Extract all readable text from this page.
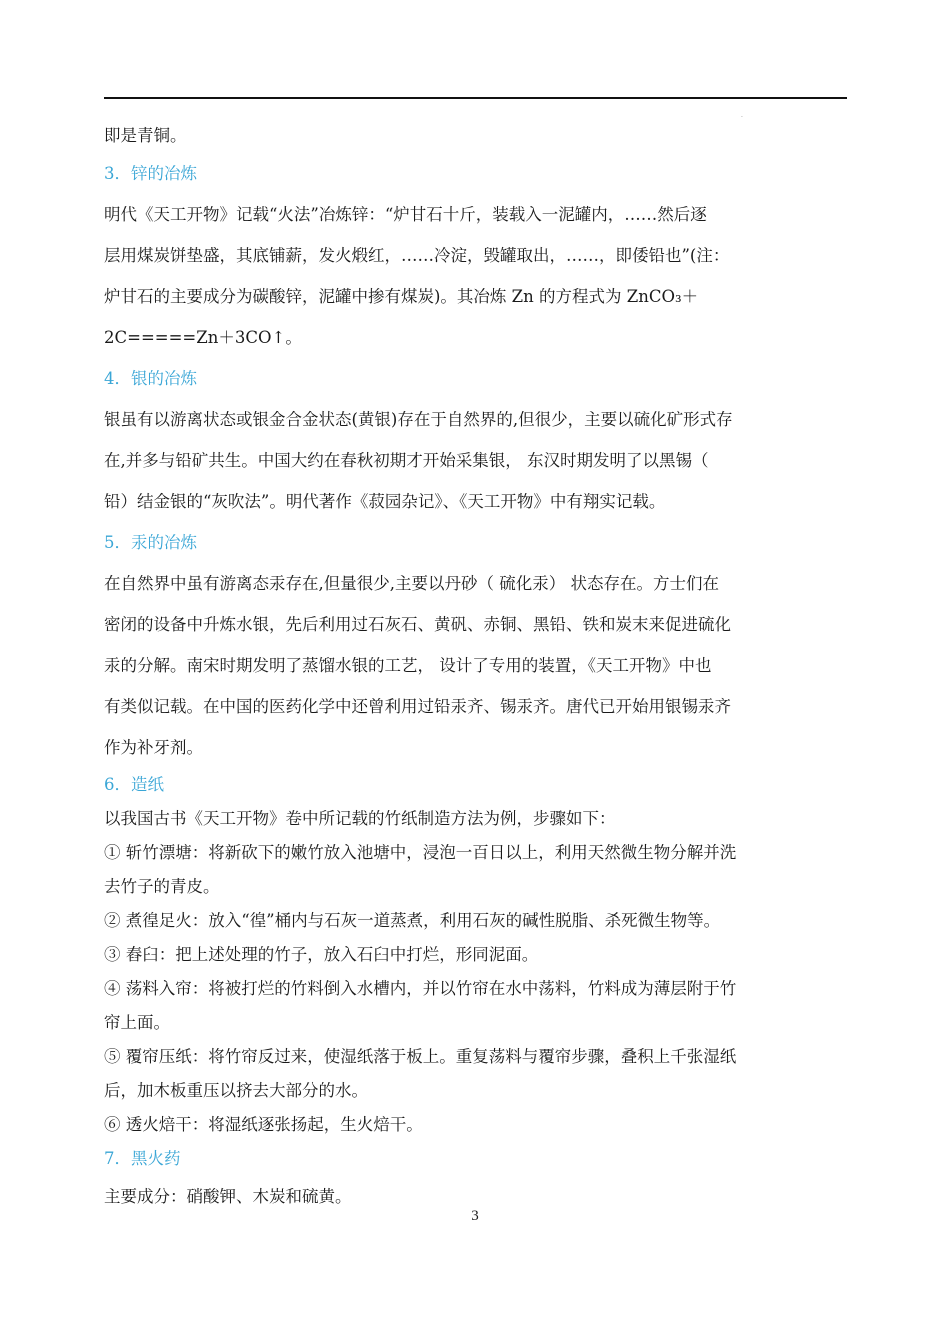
·
即是青铜。
3．锌的冶炼
明代《天工开物》记载“火法”冶炼锌：“炉甘石十斤，装载入一泥罐内，……然后逐
层用煤炭饼垫盛，其底铺薪，发火煅红，……冷淀，毁罐取出，……，即倭铅也”(注：
炉甘石的主要成分为碳酸锌，泥罐中掺有煤炭)。其冶炼 Zn 的方程式为 ZnCO₃＋
2C=====Zn＋3CO↑。
4．银的冶炼
银虽有以游离状态或银金合金状态(黄银)存在于自然界的,但很少，主要以硫化矿形式存
在,并多与铅矿共生。中国大约在春秋初期才开始采集银， 东汉时期发明了以黑锡（
铅）结金银的“灰吹法”。明代著作《菽园杂记》、《天工开物》中有翔实记载。
5．汞的冶炼
在自然界中虽有游离态汞存在,但量很少,主要以丹砂（ 硫化汞） 状态存在。方士们在
密闭的设备中升炼水银，先后利用过石灰石、黄矾、赤铜、黑铅、铁和炭末来促进硫化
汞的分解。南宋时期发明了蒸馏水银的工艺， 设计了专用的装置，《天工开物》中也
有类似记载。在中国的医药化学中还曾利用过铅汞齐、锡汞齐。唐代已开始用银锡汞齐
作为补牙剂。
6．造纸
以我国古书《天工开物》卷中所记载的竹纸制造方法为例，步骤如下：
① 斩竹漂塘：将新砍下的嫩竹放入池塘中，浸泡一百日以上，利用天然微生物分解并洗
去竹子的青皮。
② 煮徨足火：放入“徨”桶内与石灰一道蒸煮，利用石灰的碱性脱脂、杀死微生物等。
③ 舂臼：把上述处理的竹子，放入石臼中打烂，形同泥面。
④ 荡料入帘：将被打烂的竹料倒入水槽内，并以竹帘在水中荡料，竹料成为薄层附于竹
帘上面。
⑤ 覆帘压纸：将竹帘反过来，使湿纸落于板上。重复荡料与覆帘步骤，叠积上千张湿纸
后，加木板重压以挤去大部分的水。
⑥ 透火焙干：将湿纸逐张扬起，生火焙干。
7．黑火药
主要成分：硝酸钾、木炭和硫黄。
3
